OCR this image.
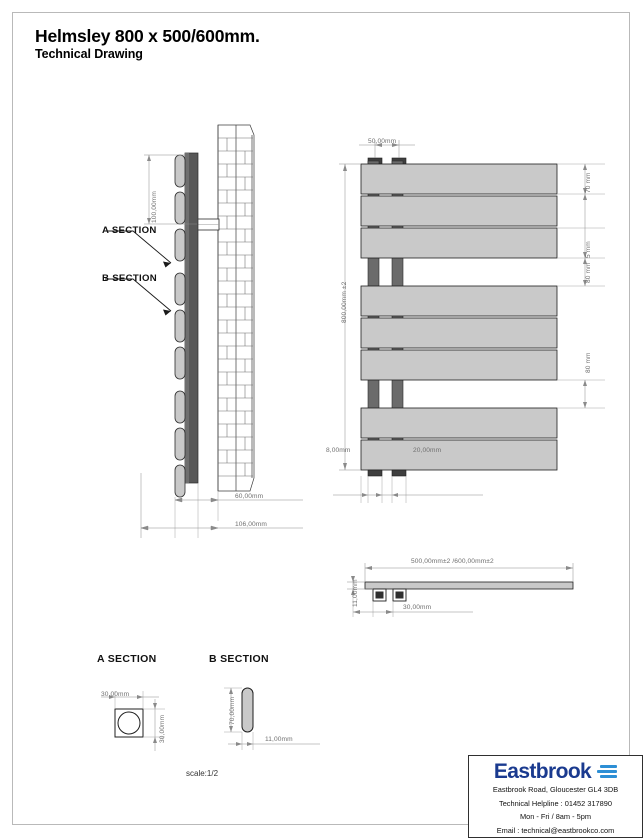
Helmsley 800 x 500/600mm.
Technical Drawing
100,00mm
A SECTION
B SECTION
60,00mm
106,00mm
50,00mm
800,00mm ±2
70 mm
5 mm
80 mm
80 mm
8,00mm	20,00mm
500,00mm±2 /600,00mm±2
11,00mm
30,00mm
A SECTION
30,00mm
30,00mm
B SECTION
70,00mm
11,00mm
scale:1/2	Eastbrook
Eastbrook Road, Gloucester GL4 3DB
Technical Helpline : 01452 317890
Mon - Fri / 8am - 5pm
Email : technical@eastbrookco.com
